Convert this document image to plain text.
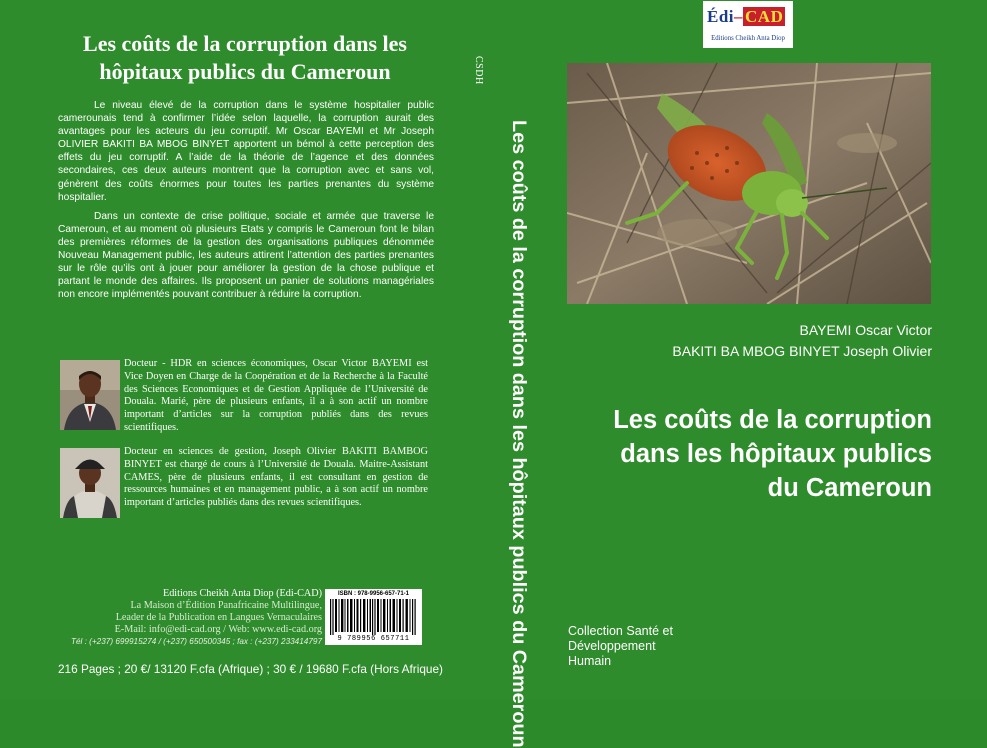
Les coûts de la corruption dans les hôpitaux publics du Cameroun

Le niveau élevé de la corruption dans le système hospitalier public camerounais tend à confirmer l’idée selon laquelle, la corruption aurait des avantages pour les acteurs du jeu corruptif. Mr Oscar BAYEMI et Mr Joseph OLIVIER BAKITI BA MBOG BINYET apportent un bémol à cette perception des effets du jeu corruptif. A l’aide de la théorie de l’agence et des données secondaires, ces deux auteurs montrent que la corruption avec et sans vol, génèrent des coûts énormes pour toutes les parties prenantes du système hospitalier.

Dans un contexte de crise politique, sociale et armée que traverse le Cameroun, et au moment où plusieurs Etats y compris le Cameroun font le bilan des premières réformes de la gestion des organisations publiques dénommée Nouveau Management public, les auteurs attirent l’attention des parties prenantes sur le rôle qu’ils ont à jouer pour améliorer la gestion de la chose publique et partant le monde des affaires. Ils proposent un panier de solutions managériales non encore implémentés pouvant contribuer à réduire la corruption.

Docteur - HDR en sciences économiques, Oscar Victor BAYEMI est Vice Doyen en Charge de la Coopération et de la Recherche à la Faculté des Sciences Economiques et de Gestion Appliquée de l’Université de Douala. Marié, père de plusieurs enfants, il a à son actif un nombre important d’articles sur la corruption publiés dans des revues scientifiques.
Docteur en sciences de gestion, Joseph Olivier BAKITI BAMBOG BINYET est chargé de cours à l’Université de Douala. Maitre-Assistant CAMES, père de plusieurs enfants, il est consultant en gestion de ressources humaines et en management public, a à son actif un nombre important d’articles publiés dans des revues scientifiques.
Editions Cheikh Anta Diop (Edi-CAD)
La Maison d’Édition Panafricaine Multilingue,
Leader de la Publication en Langues Vernaculaires
E-Mail: info@edi-cad.org / Web: www.edi-cad.org
Tél : (+237) 699915274 / (+237) 650500345 ; fax : (+237) 233414797
ISBN : 978-9956-657-71-1
9 789956 657711
216 Pages ; 20 €/ 13120 F.cfa (Afrique) ; 30 € / 19680 F.cfa (Hors Afrique)
CSDH
Les coûts de la corruption dans les hôpitaux publics du Cameroun
Édi– CAD
Editions Cheikh Anta Diop
BAYEMI Oscar Victor
BAKITI BA MBOG BINYET Joseph Olivier
Les coûts de la corruption
dans les hôpitaux publics
du Cameroun
Collection Santé et
Développement
Humain
